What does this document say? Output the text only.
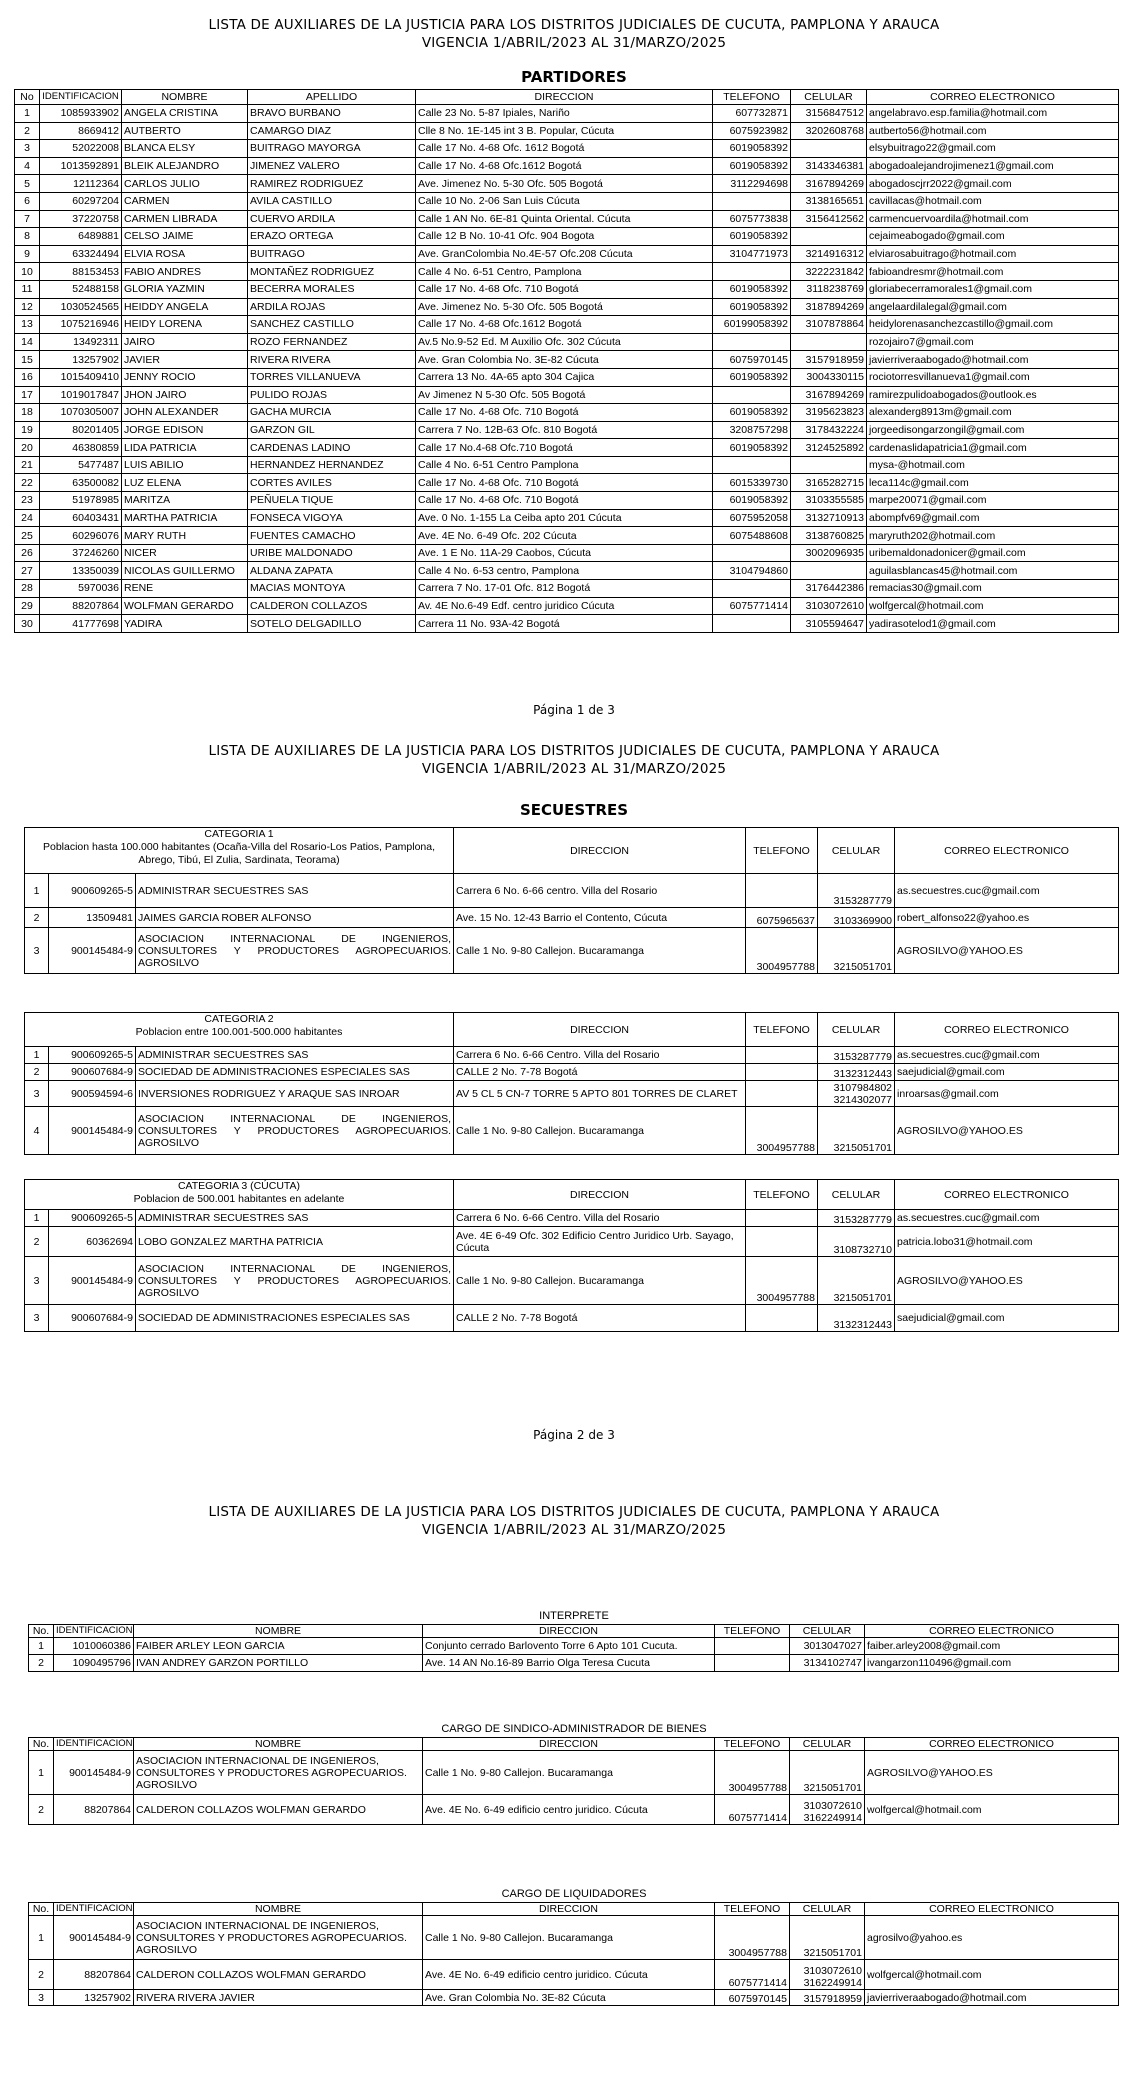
LISTA DE AUXILIARES DE LA JUSTICIA PARA LOS DISTRITOS JUDICIALES DE CUCUTA, PAMPLONA Y ARAUCA
VIGENCIA 1/ABRIL/2023 AL 31/MARZO/2025
PARTIDORES
No	IDENTIFICACION	NOMBRE	APELLIDO	DIRECCION	TELEFONO	CELULAR	CORREO ELECTRONICO
1	1085933902	ANGELA CRISTINA	BRAVO BURBANO	Calle 23 No. 5-87 Ipiales, Nariño	607732871	3156847512	angelabravo.esp.familia@hotmail.com
2	8669412	AUTBERTO	CAMARGO DIAZ	Clle 8 No. 1E-145 int 3 B. Popular, Cúcuta	6075923982	3202608768	autberto56@hotmail.com
3	52022008	BLANCA ELSY	BUITRAGO MAYORGA	Calle 17 No. 4-68 Ofc. 1612 Bogotá	6019058392		elsybuitrago22@gmail.com
4	1013592891	BLEIK ALEJANDRO	JIMENEZ VALERO	Calle 17 No. 4-68 Ofc.1612 Bogotá	6019058392	3143346381	abogadoalejandrojimenez1@gmail.com
5	12112364	CARLOS JULIO	RAMIREZ RODRIGUEZ	Ave. Jimenez No. 5-30 Ofc. 505 Bogotá	3112294698	3167894269	abogadoscjrr2022@gmail.com
6	60297204	CARMEN	AVILA CASTILLO	Calle 10 No. 2-06 San Luis Cúcuta		3138165651	cavillacas@hotmail.com
7	37220758	CARMEN LIBRADA	CUERVO ARDILA	Calle 1 AN No. 6E-81 Quinta Oriental. Cúcuta	6075773838	3156412562	carmencuervoardila@hotmail.com
8	6489881	CELSO JAIME	ERAZO ORTEGA	Calle 12 B No. 10-41 Ofc. 904 Bogota	6019058392		cejaimeabogado@gmail.com
9	63324494	ELVIA ROSA	BUITRAGO	Ave. GranColombia No.4E-57 Ofc.208 Cúcuta	3104771973	3214916312	elviarosabuitrago@hotmail.com
10	88153453	FABIO ANDRES	MONTAÑEZ RODRIGUEZ	Calle 4 No. 6-51 Centro, Pamplona		3222231842	fabioandresmr@hotmail.com
11	52488158	GLORIA YAZMIN	BECERRA MORALES	Calle 17 No. 4-68 Ofc. 710 Bogotá	6019058392	3118238769	gloriabecerramorales1@gmail.com
12	1030524565	HEIDDY ANGELA	ARDILA ROJAS	Ave. Jimenez No. 5-30 Ofc. 505 Bogotá	6019058392	3187894269	angelaardilalegal@gmail.com
13	1075216946	HEIDY LORENA	SANCHEZ CASTILLO	Calle 17 No. 4-68 Ofc.1612 Bogotá	60199058392	3107878864	heidylorenasanchezcastillo@gmail.com
14	13492311	JAIRO	ROZO FERNANDEZ	Av.5 No.9-52 Ed. M Auxilio Ofc. 302 Cúcuta			rozojairo7@gmail.com
15	13257902	JAVIER	RIVERA RIVERA	Ave. Gran Colombia No. 3E-82 Cúcuta	6075970145	3157918959	javierriveraabogado@hotmail.com
16	1015409410	JENNY ROCIO	TORRES VILLANUEVA	Carrera 13 No. 4A-65 apto 304 Cajica	6019058392	3004330115	rociotorresvillanueva1@gmail.com
17	1019017847	JHON JAIRO	PULIDO ROJAS	Av Jimenez N 5-30 Ofc. 505 Bogotá		3167894269	ramirezpulidoabogados@outlook.es
18	1070305007	JOHN ALEXANDER	GACHA MURCIA	Calle 17 No. 4-68 Ofc. 710 Bogotá	6019058392	3195623823	alexanderg8913m@gmail.com
19	80201405	JORGE EDISON	GARZON GIL	Carrera 7 No. 12B-63 Ofc. 810 Bogotá	3208757298	3178432224	jorgeedisongarzongil@gmail.com
20	46380859	LIDA PATRICIA	CARDENAS LADINO	Calle 17 No.4-68 Ofc.710 Bogotá	6019058392	3124525892	cardenaslidapatricia1@gmail.com
21	5477487	LUIS ABILIO	HERNANDEZ HERNANDEZ	Calle 4 No. 6-51 Centro Pamplona			mysa-@hotmail.com
22	63500082	LUZ ELENA	CORTES AVILES	Calle 17 No. 4-68 Ofc. 710 Bogotá	6015339730	3165282715	leca114c@gmail.com
23	51978985	MARITZA	PEÑUELA TIQUE	Calle 17 No. 4-68 Ofc. 710 Bogotá	6019058392	3103355585	marpe20071@gmail.com
24	60403431	MARTHA PATRICIA	FONSECA VIGOYA	Ave. 0 No. 1-155 La Ceiba apto 201 Cúcuta	6075952058	3132710913	abompfv69@gmail.com
25	60296076	MARY RUTH	FUENTES CAMACHO	Ave. 4E No. 6-49 Ofc. 202 Cúcuta	6075488608	3138760825	maryruth202@hotmail.com
26	37246260	NICER	URIBE MALDONADO	Ave. 1 E No. 11A-29 Caobos, Cúcuta		3002096935	uribemaldonadonicer@gmail.com
27	13350039	NICOLAS GUILLERMO	ALDANA ZAPATA	Calle 4 No. 6-53 centro, Pamplona	3104794860		aguilasblancas45@hotmail.com
28	5970036	RENE	MACIAS MONTOYA	Carrera 7 No. 17-01 Ofc. 812 Bogotá		3176442386	remacias30@gmail.com
29	88207864	WOLFMAN GERARDO	CALDERON COLLAZOS	Av. 4E No.6-49 Edf. centro juridico Cúcuta	6075771414	3103072610	wolfgercal@hotmail.com
30	41777698	YADIRA	SOTELO DELGADILLO	Carrera 11 No. 93A-42 Bogotá		3105594647	yadirasotelod1@gmail.com
Página 1 de 3
LISTA DE AUXILIARES DE LA JUSTICIA PARA LOS DISTRITOS JUDICIALES DE CUCUTA, PAMPLONA Y ARAUCA
VIGENCIA 1/ABRIL/2023 AL 31/MARZO/2025
SECUESTRES
CATEGORIA 1
Poblacion hasta 100.000 habitantes (Ocaña-Villa del Rosario-Los Patios, Pamplona, Abrego, Tibú, El Zulia, Sardinata, Teorama)			DIRECCION	TELEFONO	CELULAR	CORREO ELECTRONICO
1	900609265-5	ADMINISTRAR SECUESTRES SAS	Carrera 6 No. 6-66 centro. Villa del Rosario		3153287779	as.secuestres.cuc@gmail.com
2	13509481	JAIMES GARCIA ROBER ALFONSO	Ave. 15 No. 12-43 Barrio el Contento, Cúcuta	6075965637	3103369900	robert_alfonso22@yahoo.es
3	900145484-9	ASOCIACION INTERNACIONAL DE INGENIEROS, CONSULTORES Y PRODUCTORES AGROPECUARIOS. AGROSILVO	Calle 1 No. 9-80 Callejon. Bucaramanga	3004957788	3215051701	AGROSILVO@YAHOO.ES
CATEGORIA 2
Poblacion entre 100.001-500.000 habitantes			DIRECCION	TELEFONO	CELULAR	CORREO ELECTRONICO
1	900609265-5	ADMINISTRAR SECUESTRES SAS	Carrera 6 No. 6-66 Centro. Villa del Rosario		3153287779	as.secuestres.cuc@gmail.com
2	900607684-9	SOCIEDAD DE ADMINISTRACIONES ESPECIALES SAS	CALLE 2 No. 7-78 Bogotá		3132312443	saejudicial@gmail.com
3	900594594-6	INVERSIONES RODRIGUEZ Y ARAQUE SAS INROAR	AV 5 CL 5 CN-7 TORRE 5 APTO 801 TORRES DE CLARET		3107984802 3214302077	inroarsas@gmail.com
4	900145484-9	ASOCIACION INTERNACIONAL DE INGENIEROS, CONSULTORES Y PRODUCTORES AGROPECUARIOS. AGROSILVO	Calle 1 No. 9-80 Callejon. Bucaramanga	3004957788	3215051701	AGROSILVO@YAHOO.ES
CATEGORIA 3 (CÚCUTA)
Poblacion de 500.001 habitantes en adelante			DIRECCION	TELEFONO	CELULAR	CORREO ELECTRONICO
1	900609265-5	ADMINISTRAR SECUESTRES SAS	Carrera 6 No. 6-66 Centro. Villa del Rosario		3153287779	as.secuestres.cuc@gmail.com
2	60362694	LOBO GONZALEZ MARTHA PATRICIA	Ave. 4E 6-49 Ofc. 302 Edificio Centro Juridico Urb. Sayago, Cúcuta		3108732710	patricia.lobo31@hotmail.com
3	900145484-9	ASOCIACION INTERNACIONAL DE INGENIEROS, CONSULTORES Y PRODUCTORES AGROPECUARIOS. AGROSILVO	Calle 1 No. 9-80 Callejon. Bucaramanga	3004957788	3215051701	AGROSILVO@YAHOO.ES
3	900607684-9	SOCIEDAD DE ADMINISTRACIONES ESPECIALES SAS	CALLE 2 No. 7-78 Bogotá		3132312443	saejudicial@gmail.com
Página 2 de 3
LISTA DE AUXILIARES DE LA JUSTICIA PARA LOS DISTRITOS JUDICIALES DE CUCUTA, PAMPLONA Y ARAUCA
VIGENCIA 1/ABRIL/2023 AL 31/MARZO/2025
INTERPRETE
No.	IDENTIFICACION	NOMBRE	DIRECCION	TELEFONO	CELULAR	CORREO ELECTRONICO
1	1010060386	FAIBER ARLEY LEON GARCIA	Conjunto cerrado Barlovento Torre 6 Apto 101 Cucuta.		3013047027	faiber.arley2008@gmail.com
2	1090495796	IVAN ANDREY GARZON PORTILLO	Ave. 14 AN No.16-89 Barrio Olga Teresa Cucuta		3134102747	ivangarzon110496@gmail.com
CARGO DE SINDICO-ADMINISTRADOR DE BIENES
No.	IDENTIFICACION	NOMBRE	DIRECCION	TELEFONO	CELULAR	CORREO ELECTRONICO
1	900145484-9	ASOCIACION INTERNACIONAL DE INGENIEROS, CONSULTORES Y PRODUCTORES AGROPECUARIOS. AGROSILVO	Calle 1 No. 9-80 Callejon. Bucaramanga	3004957788	3215051701	AGROSILVO@YAHOO.ES
2	88207864	CALDERON COLLAZOS WOLFMAN GERARDO	Ave. 4E No. 6-49 edificio centro juridico. Cúcuta	6075771414	3103072610 3162249914	wolfgercal@hotmail.com
CARGO DE LIQUIDADORES
No.	IDENTIFICACION	NOMBRE	DIRECCION	TELEFONO	CELULAR	CORREO ELECTRONICO
1	900145484-9	ASOCIACION INTERNACIONAL DE INGENIEROS, CONSULTORES Y PRODUCTORES AGROPECUARIOS. AGROSILVO	Calle 1 No. 9-80 Callejon. Bucaramanga	3004957788	3215051701	agrosilvo@yahoo.es
2	88207864	CALDERON COLLAZOS WOLFMAN GERARDO	Ave. 4E No. 6-49 edificio centro juridico. Cúcuta	6075771414	3103072610 3162249914	wolfgercal@hotmail.com
3	13257902	RIVERA RIVERA JAVIER	Ave. Gran Colombia No. 3E-82 Cúcuta	6075970145	3157918959	javierriveraabogado@hotmail.com
